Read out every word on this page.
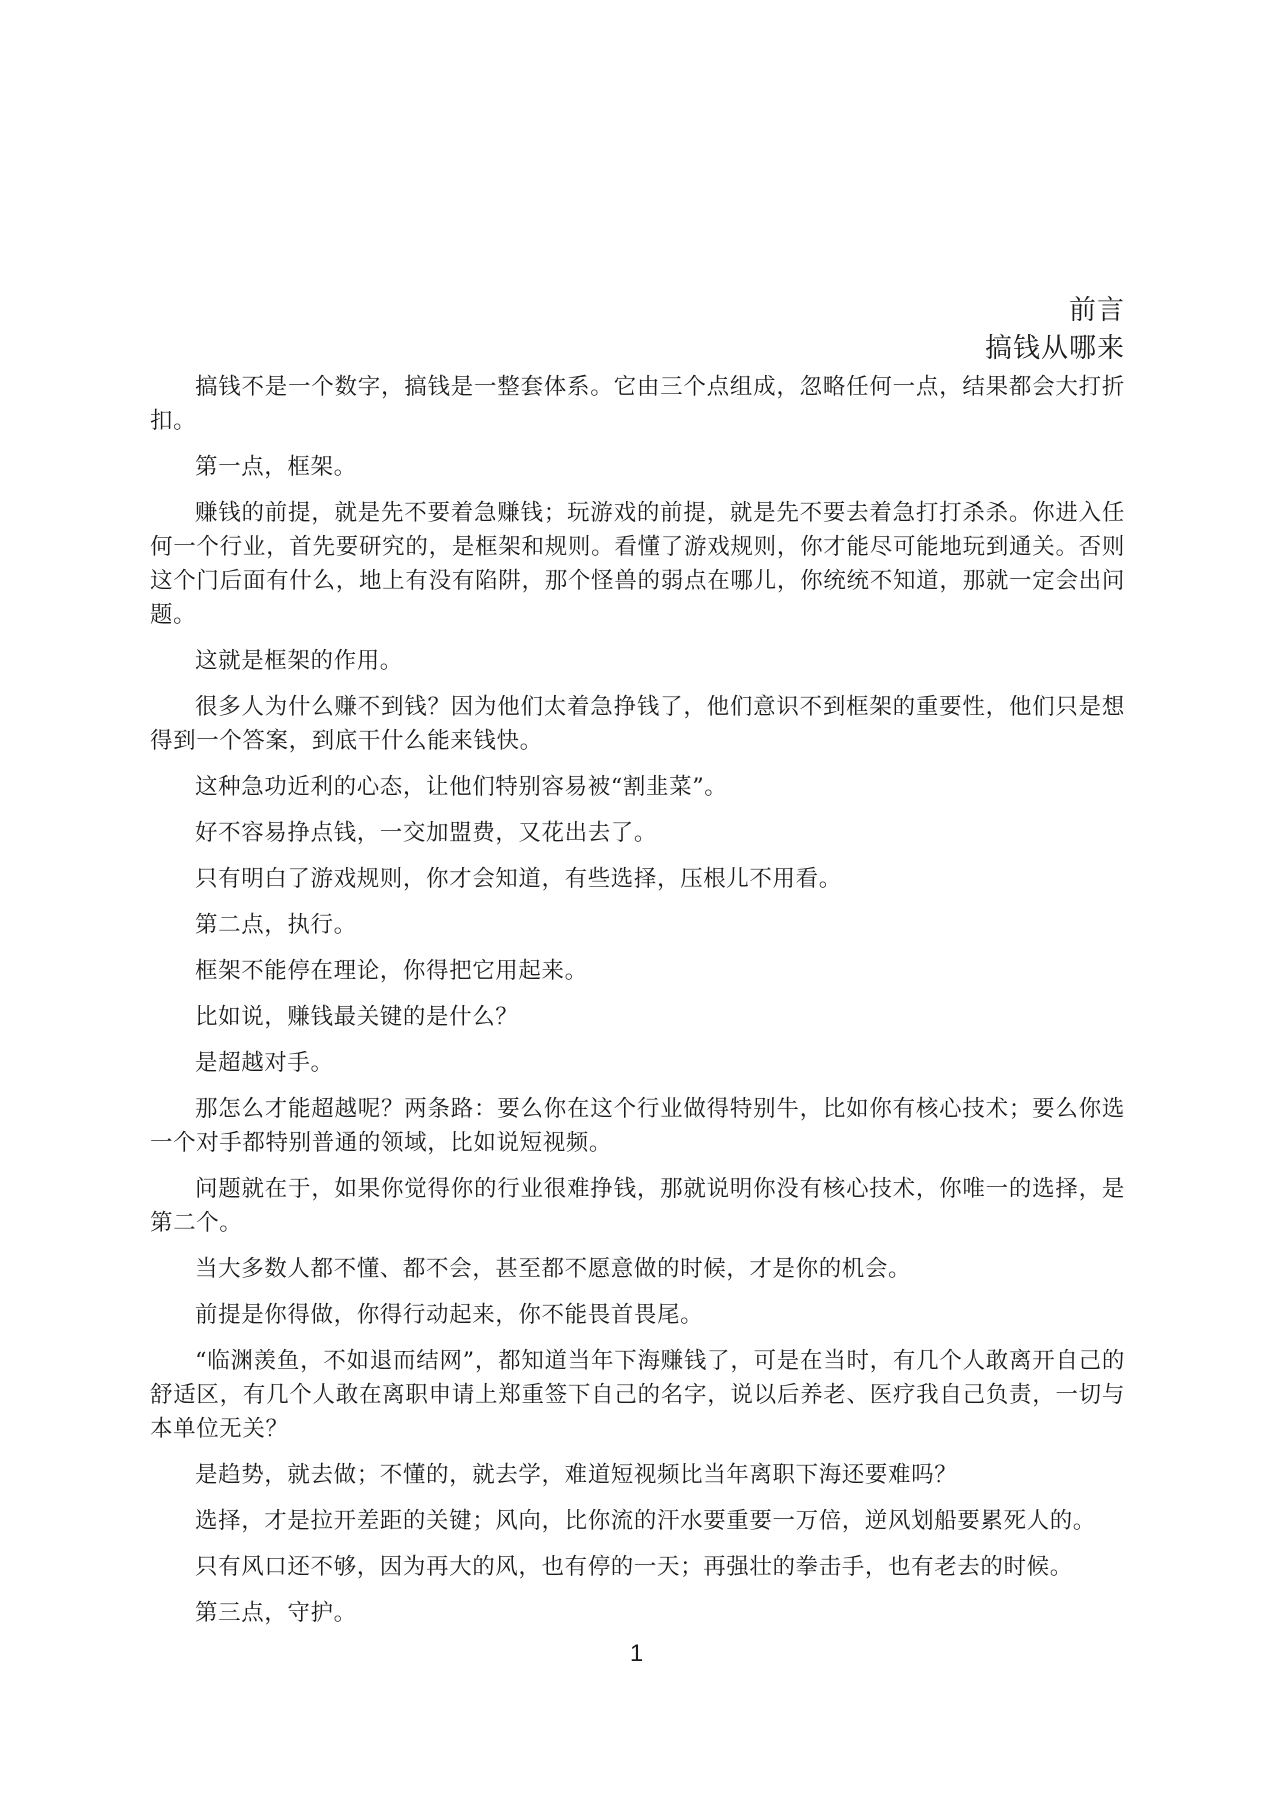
前言
搞钱从哪来

搞钱不是一个数字，搞钱是一整套体系。它由三个点组成，忽略任何一点，结果都会大打折扣。

第一点，框架。

赚钱的前提，就是先不要着急赚钱；玩游戏的前提，就是先不要去着急打打杀杀。你进入任何一个行业，首先要研究的，是框架和规则。看懂了游戏规则，你才能尽可能地玩到通关。否则这个门后面有什么，地上有没有陷阱，那个怪兽的弱点在哪儿，你统统不知道，那就一定会出问题。

这就是框架的作用。

很多人为什么赚不到钱？因为他们太着急挣钱了，他们意识不到框架的重要性，他们只是想得到一个答案，到底干什么能来钱快。

这种急功近利的心态，让他们特别容易被“割韭菜”。

好不容易挣点钱，一交加盟费，又花出去了。

只有明白了游戏规则，你才会知道，有些选择，压根儿不用看。

第二点，执行。

框架不能停在理论，你得把它用起来。

比如说，赚钱最关键的是什么？

是超越对手。

那怎么才能超越呢？两条路：要么你在这个行业做得特别牛，比如你有核心技术；要么你选一个对手都特别普通的领域，比如说短视频。

问题就在于，如果你觉得你的行业很难挣钱，那就说明你没有核心技术，你唯一的选择，是第二个。

当大多数人都不懂、都不会，甚至都不愿意做的时候，才是你的机会。

前提是你得做，你得行动起来，你不能畏首畏尾。

“临渊羡鱼，不如退而结网”，都知道当年下海赚钱了，可是在当时，有几个人敢离开自己的舒适区，有几个人敢在离职申请上郑重签下自己的名字，说以后养老、医疗我自己负责，一切与本单位无关？

是趋势，就去做；不懂的，就去学，难道短视频比当年离职下海还要难吗？

选择，才是拉开差距的关键；风向，比你流的汗水要重要一万倍，逆风划船要累死人的。

只有风口还不够，因为再大的风，也有停的一天；再强壮的拳击手，也有老去的时候。

第三点，守护。

1
